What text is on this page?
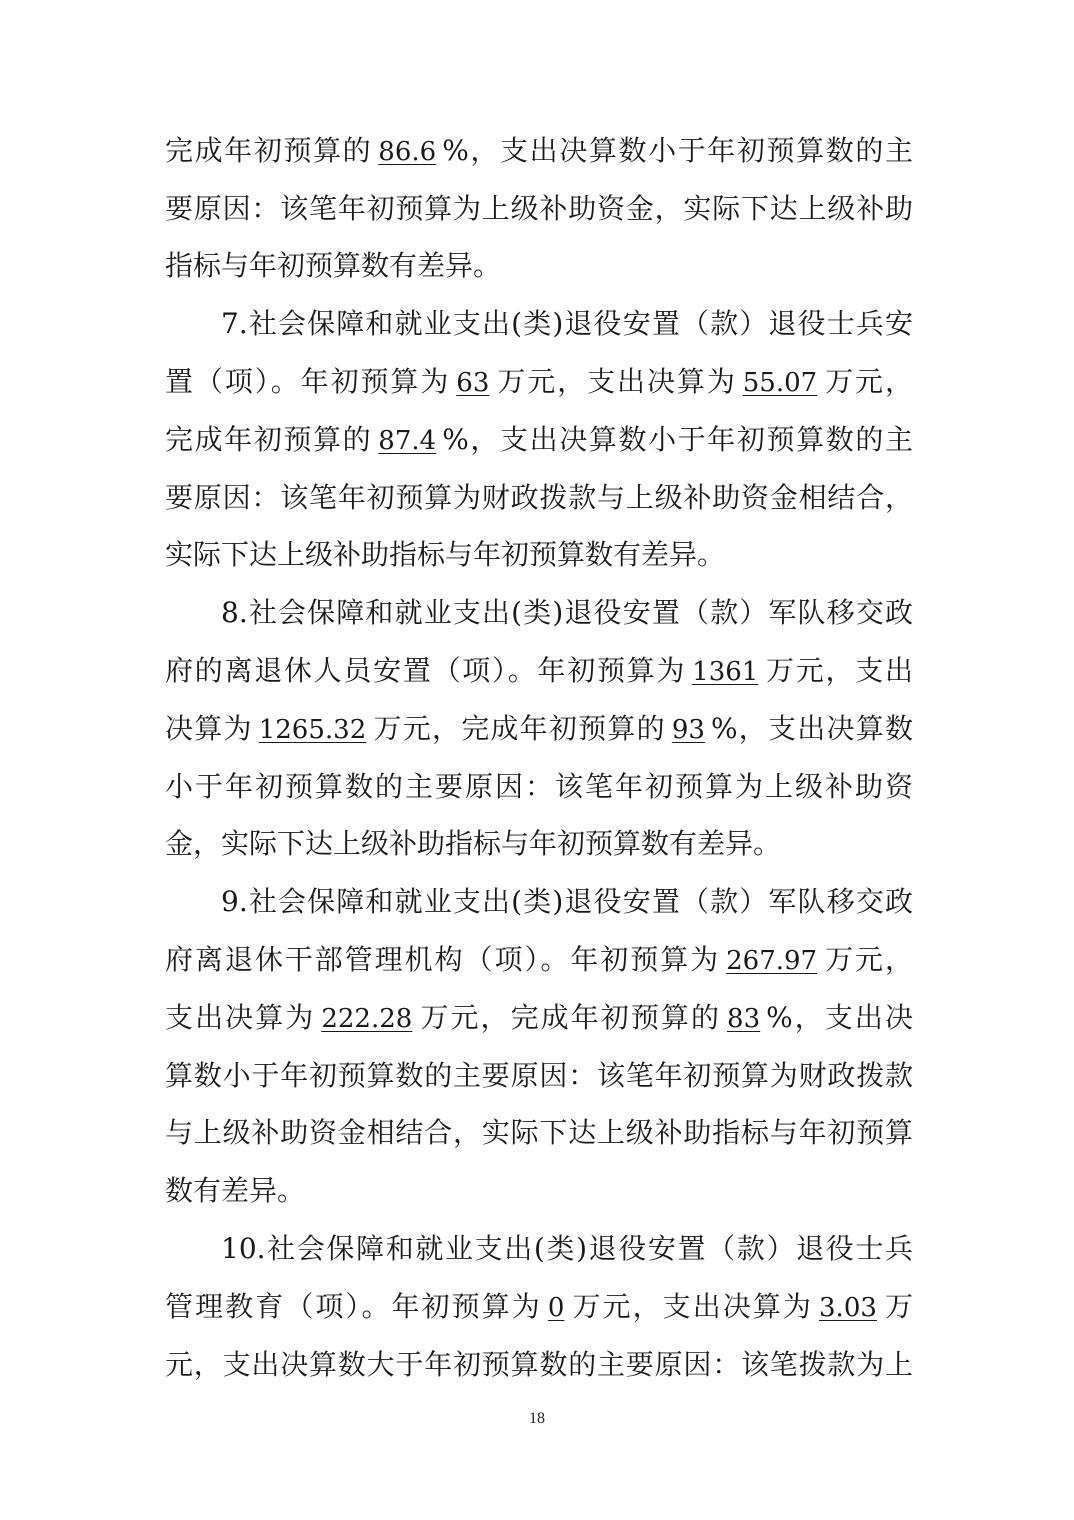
完成年初预算的 86.6 %，支出决算数小于年初预算数的主
要原因：该笔年初预算为上级补助资金，实际下达上级补助
指标与年初预算数有差异。
7.社会保障和就业支出(类)退役安置（款）退役士兵安
置（项）。年初预算为 63 万元，支出决算为 55.07 万元，
完成年初预算的 87.4 %，支出决算数小于年初预算数的主
要原因：该笔年初预算为财政拨款与上级补助资金相结合，
实际下达上级补助指标与年初预算数有差异。
8.社会保障和就业支出(类)退役安置（款）军队移交政
府的离退休人员安置（项）。年初预算为 1361 万元，支出
决算为 1265.32 万元，完成年初预算的 93 %，支出决算数
小于年初预算数的主要原因：该笔年初预算为上级补助资
金，实际下达上级补助指标与年初预算数有差异。
9.社会保障和就业支出(类)退役安置（款）军队移交政
府离退休干部管理机构（项）。年初预算为 267.97 万元，
支出决算为 222.28 万元，完成年初预算的 83 %，支出决
算数小于年初预算数的主要原因：该笔年初预算为财政拨款
与上级补助资金相结合，实际下达上级补助指标与年初预算
数有差异。
10.社会保障和就业支出(类)退役安置（款）退役士兵
管理教育（项）。年初预算为 0 万元，支出决算为 3.03 万
元，支出决算数大于年初预算数的主要原因：该笔拨款为上
18
